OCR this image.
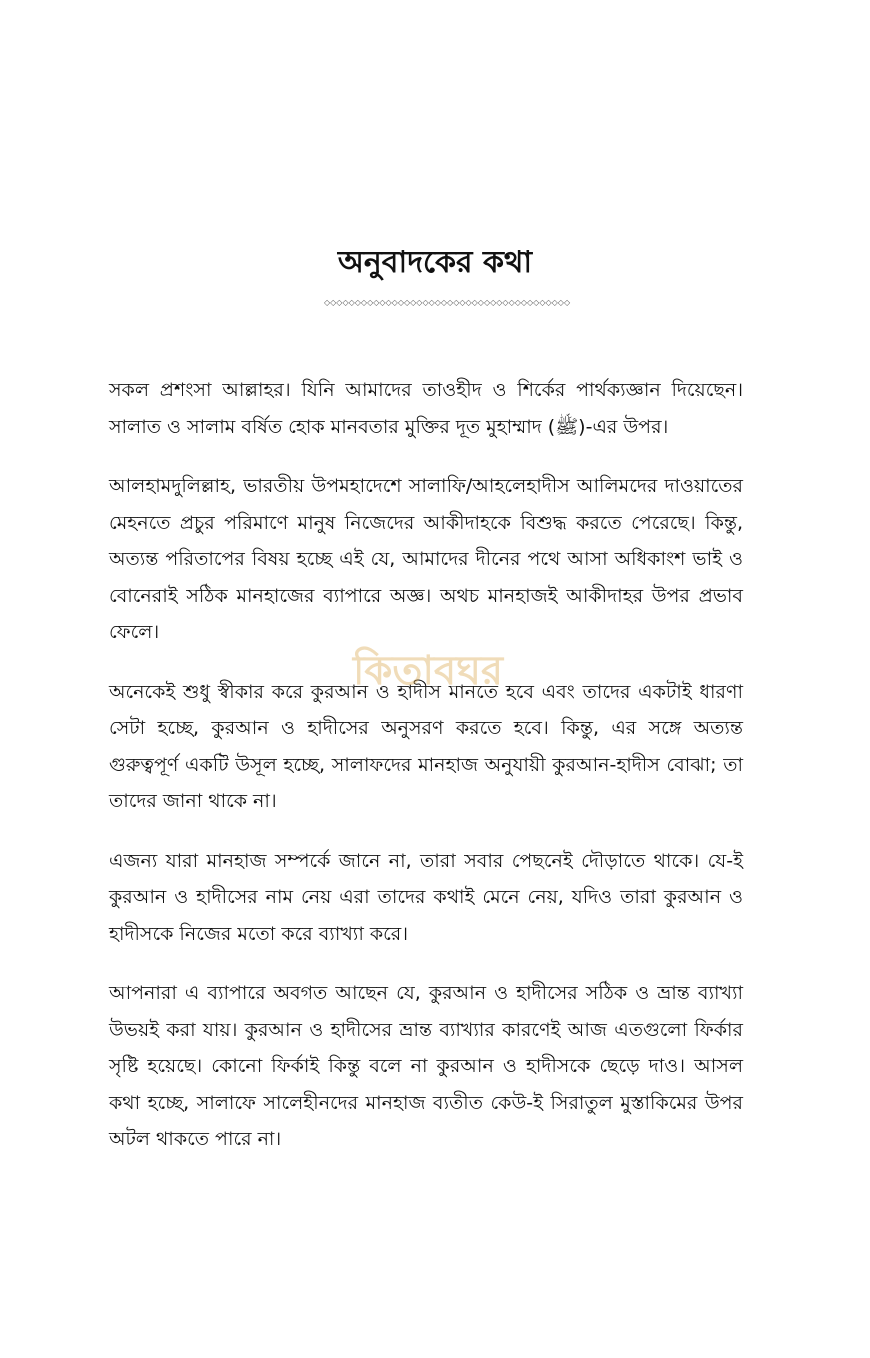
অনুবাদকের কথা
◇◇◇◇◇◇◇◇◇◇◇◇◇◇◇◇◇◇◇◇◇◇◇◇◇◇◇◇◇◇◇◇◇◇◇◇◇◇◇◇

সকল প্রশংসা আল্লাহর। যিনি আমাদের তাওহীদ ও শির্কের পার্থক্যজ্ঞান দিয়েছেন। সালাত ও সালাম বর্ষিত হোক মানবতার মুক্তির দূত মুহাম্মাদ (ﷺ)-এর উপর।

আলহামদুলিল্লাহ, ভারতীয় উপমহাদেশে সালাফি/আহলেহাদীস আলিমদের দাওয়াতের মেহনতে প্রচুর পরিমাণে মানুষ নিজেদের আকীদাহকে বিশুদ্ধ করতে পেরেছে। কিন্তু, অত্যন্ত পরিতাপের বিষয় হচ্ছে এই যে, আমাদের দীনের পথে আসা অধিকাংশ ভাই ও বোনেরাই সঠিক মানহাজের ব্যাপারে অজ্ঞ। অথচ মানহাজই আকীদাহর উপর প্রভাব ফেলে।

অনেকেই শুধু স্বীকার করে কুরআন ও হাদীস মানতে হবে এবং তাদের একটাই ধারণা সেটা হচ্ছে, কুরআন ও হাদীসের অনুসরণ করতে হবে। কিন্তু, এর সঙ্গে অত্যন্ত গুরুত্বপূর্ণ একটি উসূল হচ্ছে, সালাফদের মানহাজ অনুযায়ী কুরআন-হাদীস বোঝা; তা তাদের জানা থাকে না।

এজন্য যারা মানহাজ সম্পর্কে জানে না, তারা সবার পেছনেই দৌড়াতে থাকে। যে-ই কুরআন ও হাদীসের নাম নেয় এরা তাদের কথাই মেনে নেয়, যদিও তারা কুরআন ও হাদীসকে নিজের মতো করে ব্যাখ্যা করে।

আপনারা এ ব্যাপারে অবগত আছেন যে, কুরআন ও হাদীসের সঠিক ও ভ্রান্ত ব্যাখ্যা উভয়ই করা যায়। কুরআন ও হাদীসের ভ্রান্ত ব্যাখ্যার কারণেই আজ এতগুলো ফির্কার সৃষ্টি হয়েছে। কোনো ফির্কাই কিন্তু বলে না কুরআন ও হাদীসকে ছেড়ে দাও। আসল কথা হচ্ছে, সালাফে সালেহীনদের মানহাজ ব্যতীত কেউ-ই সিরাতুল মুস্তাকিমের উপর অটল থাকতে পারে না।

কিতাবঘর
